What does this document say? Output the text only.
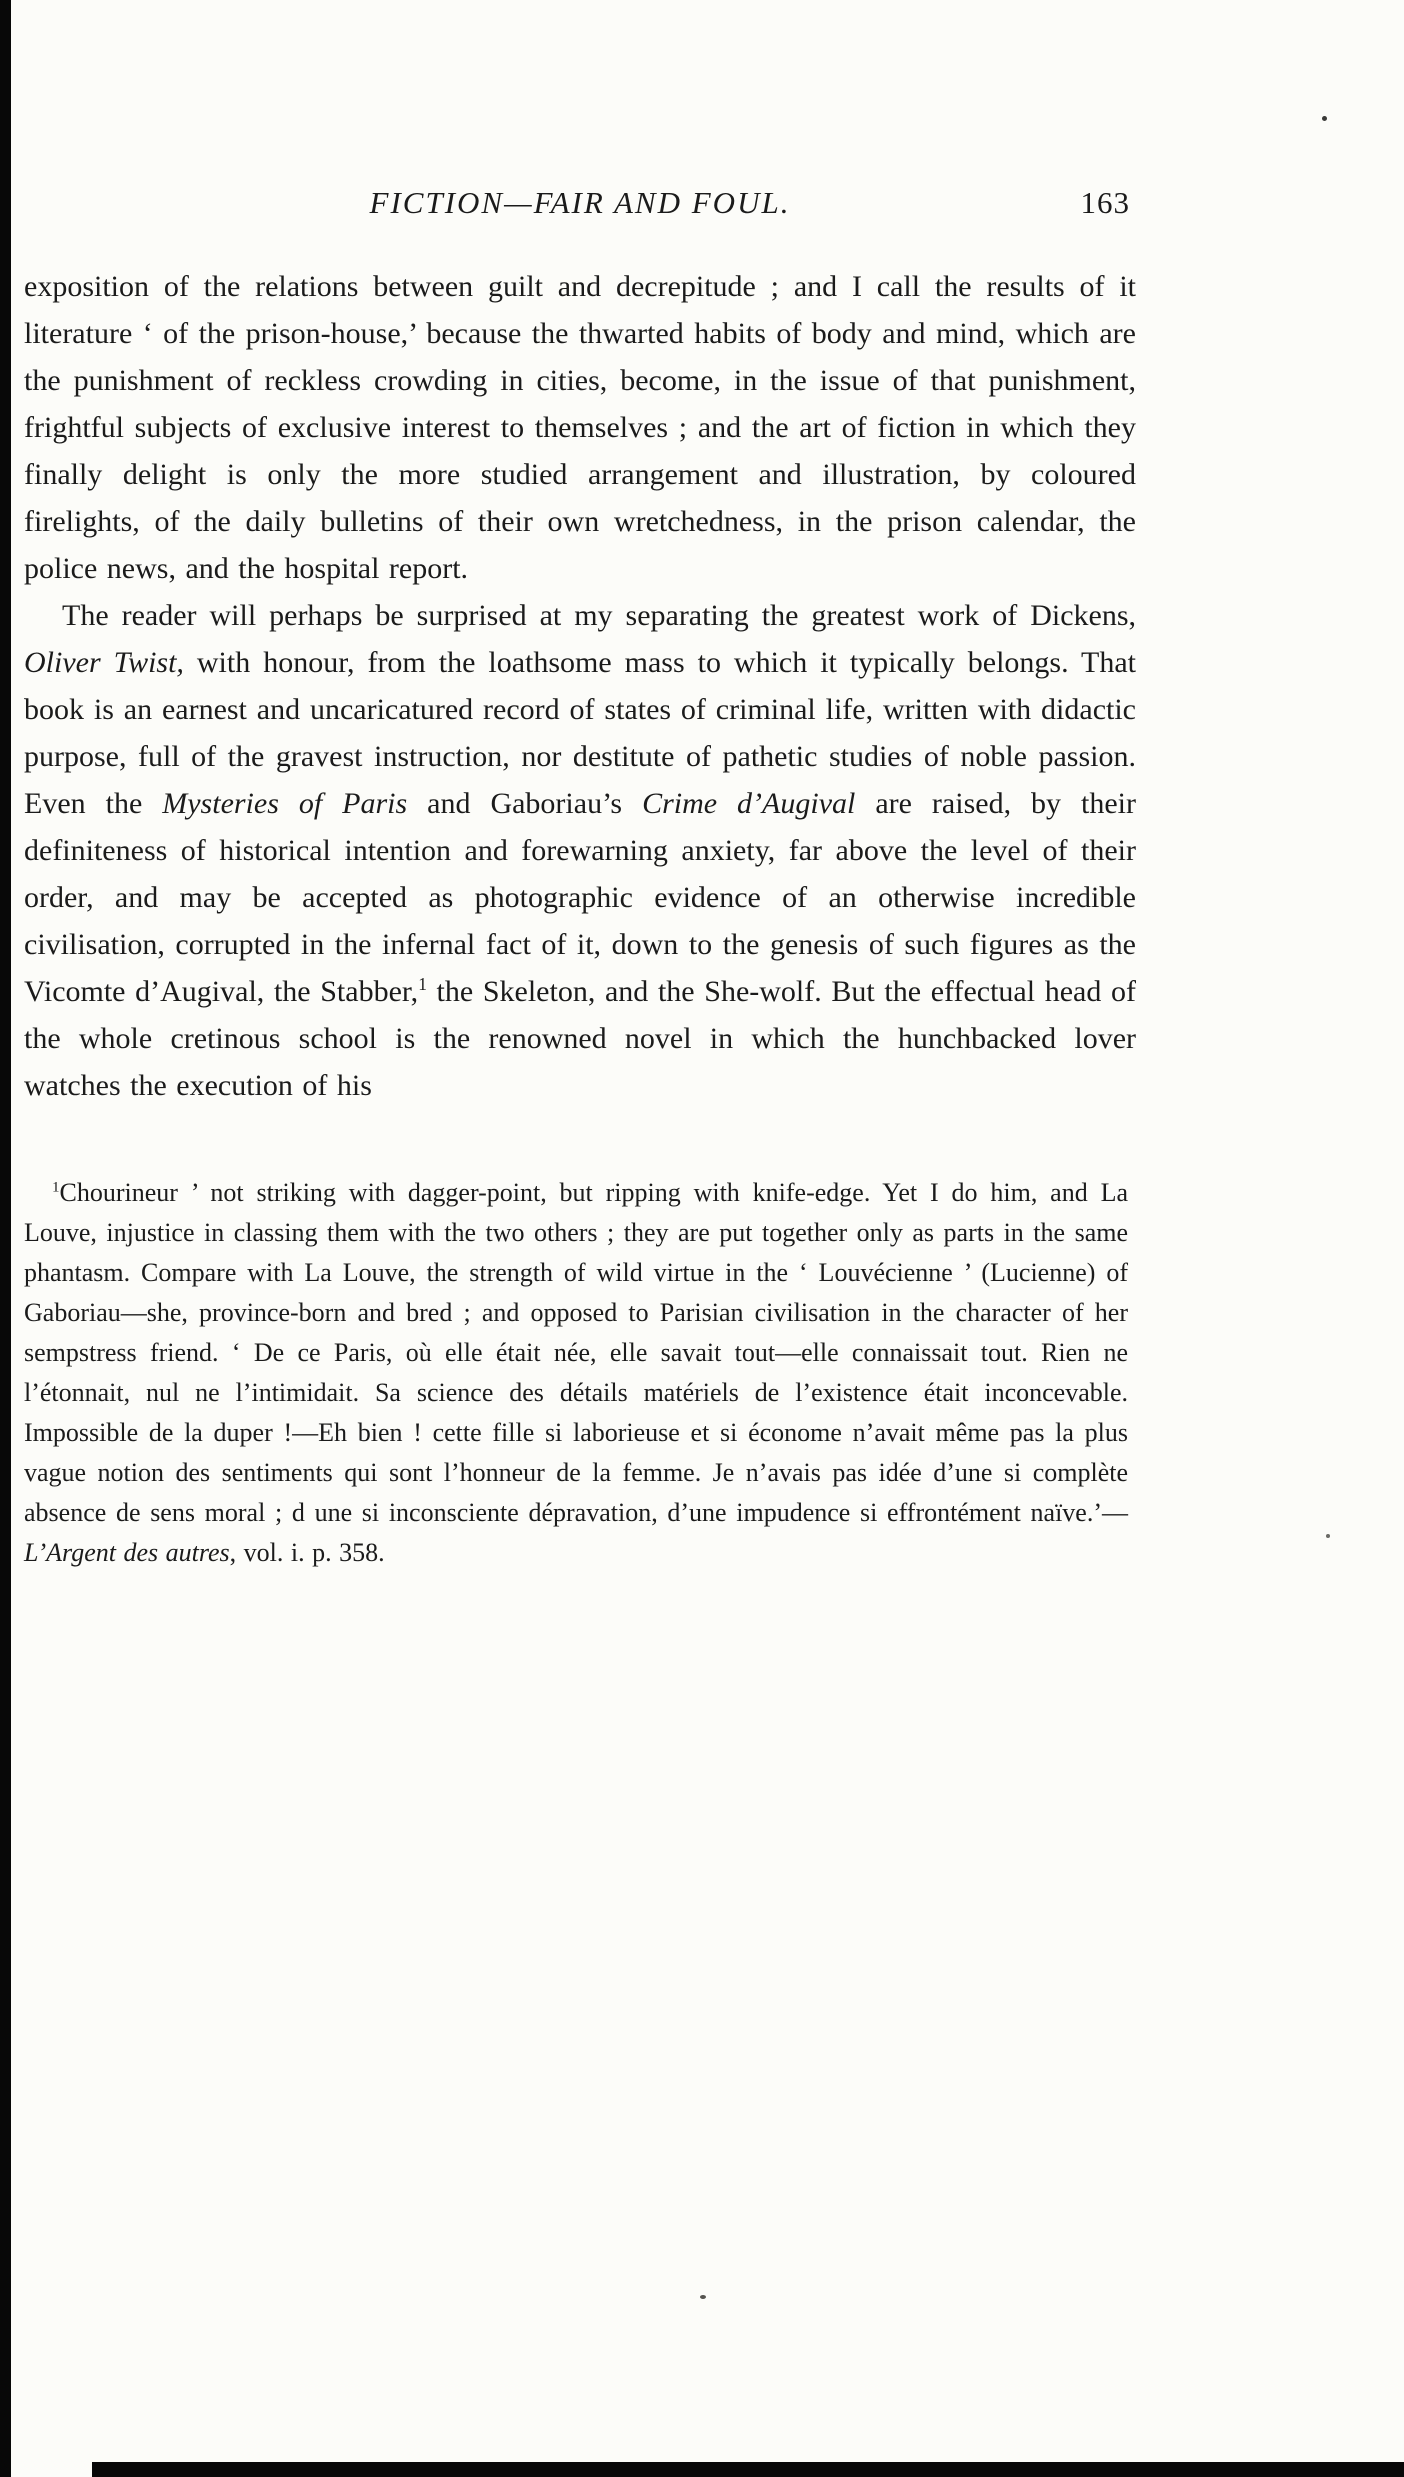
FICTION—FAIR AND FOUL.	163

exposition of the relations between guilt and decrepitude ; and I call the results of it literature ‘ of the prison-house,’ because the thwarted habits of body and mind, which are the punishment of reckless crowding in cities, become, in the issue of that punishment, frightful subjects of exclusive interest to themselves ; and the art of fiction in which they finally delight is only the more studied arrangement and illustration, by coloured firelights, of the daily bulletins of their own wretchedness, in the prison calendar, the police news, and the hospital report.

The reader will perhaps be surprised at my separating the greatest work of Dickens, Oliver Twist, with honour, from the loathsome mass to which it typically belongs. That book is an earnest and uncaricatured record of states of criminal life, written with didactic purpose, full of the gravest instruction, nor destitute of pathetic studies of noble passion. Even the Mysteries of Paris and Gaboriau’s Crime d’Augival are raised, by their definiteness of historical intention and forewarning anxiety, far above the level of their order, and may be accepted as photographic evidence of an otherwise incredible civilisation, corrupted in the infernal fact of it, down to the genesis of such figures as the Vicomte d’Augival, the Stabber,$^1$ the Skeleton, and the She-wolf. But the effectual head of the whole cretinous school is the renowned novel in which the hunchbacked lover watches the execution of his

$^1$Chourineur ’ not striking with dagger-point, but ripping with knife-edge. Yet I do him, and La Louve, injustice in classing them with the two others ; they are put together only as parts in the same phantasm. Compare with La Louve, the strength of wild virtue in the ‘ Louvécienne ’ (Lucienne) of Gaboriau—she, province-born and bred ; and opposed to Parisian civilisation in the character of her sempstress friend. ‘ De ce Paris, où elle était née, elle savait tout—elle connaissait tout. Rien ne l’étonnait, nul ne l’intimidait. Sa science des détails matériels de l’existence était inconcevable. Impossible de la duper !—Eh bien ! cette fille si laborieuse et si économe n’avait même pas la plus vague notion des sentiments qui sont l’honneur de la femme. Je n’avais pas idée d’une si complète absence de sens moral ; d une si inconsciente dépravation, d’une impudence si effrontément naïve.’—L’Argent des autres, vol. i. p. 358.
